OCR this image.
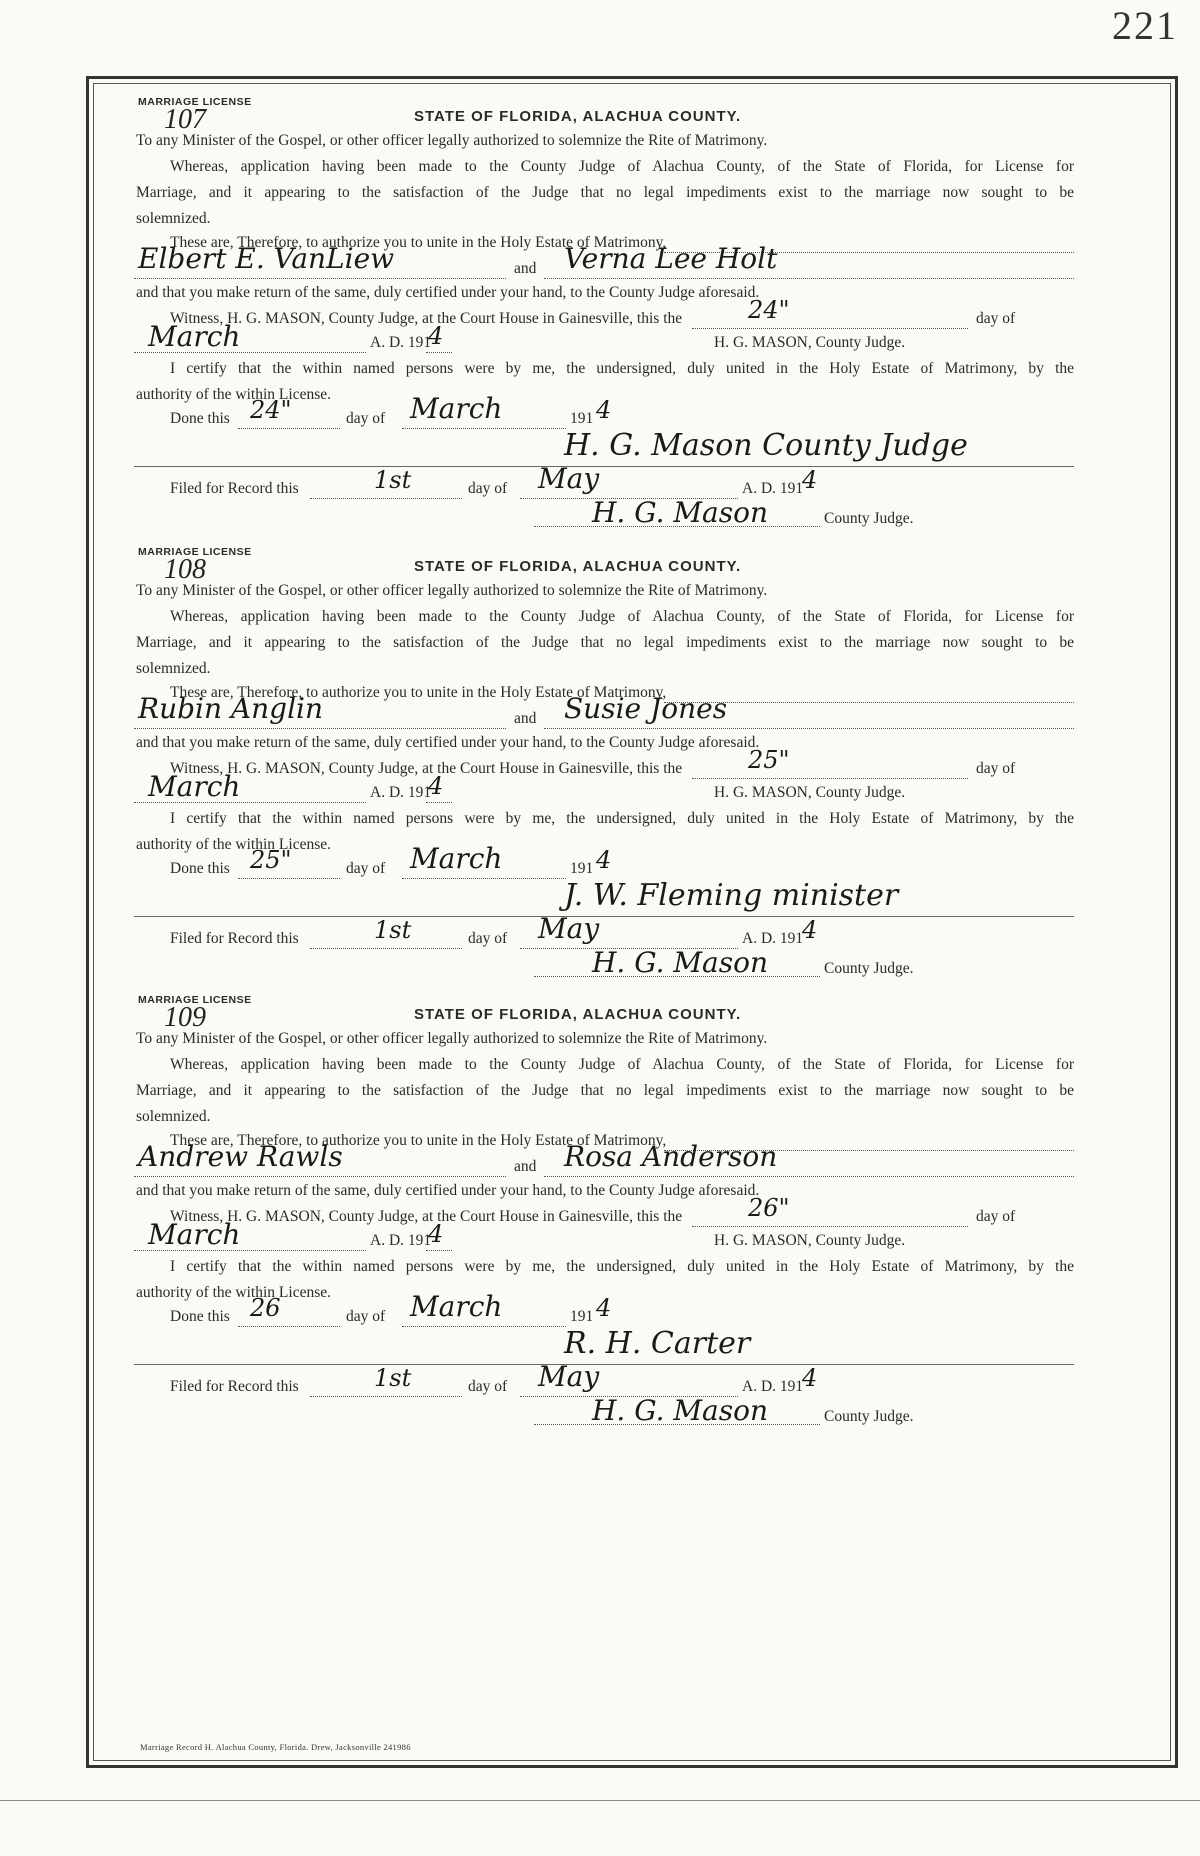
221
MARRIAGE LICENSE
107	STATE OF FLORIDA, ALACHUA COUNTY.
To any Minister of the Gospel, or other officer legally authorized to solemnize the Rite of Matrimony.
Whereas, application having been made to the County Judge of Alachua County, of the State of Florida, for License for
Marriage, and it appearing to the satisfaction of the Judge that no legal impediments exist to the marriage now sought to be
solemnized.
These are, Therefore, to authorize you to unite in the Holy Estate of Matrimony,
Elbert E. VanLiew	and Verna Lee Holt
and that you make return of the same, duly certified under your hand, to the County Judge aforesaid.
Witness, H. G. MASON, County Judge, at the Court House in Gainesville, this the	24"	day of
March	A. D. 191
4	H. G. MASON, County Judge.
I certify that the within named persons were by me, the undersigned, duly united in the Holy Estate of Matrimony, by the
authority of the within License.
Done this 24"	day of March	191 4
H. G. Mason County Judge
Filed for Record this	1st	day of May	A. D. 191
4
H. G. Mason	County Judge.
MARRIAGE LICENSE
108	STATE OF FLORIDA, ALACHUA COUNTY.
To any Minister of the Gospel, or other officer legally authorized to solemnize the Rite of Matrimony.
Whereas, application having been made to the County Judge of Alachua County, of the State of Florida, for License for
Marriage, and it appearing to the satisfaction of the Judge that no legal impediments exist to the marriage now sought to be
solemnized.
These are, Therefore, to authorize you to unite in the Holy Estate of Matrimony,
Rubin Anglin	and Susie Jones
and that you make return of the same, duly certified under your hand, to the County Judge aforesaid.
Witness, H. G. MASON, County Judge, at the Court House in Gainesville, this the	25"	day of
March	A. D. 191
4	H. G. MASON, County Judge.
I certify that the within named persons were by me, the undersigned, duly united in the Holy Estate of Matrimony, by the
authority of the within License.
Done this 25"	day of March	191 4
J. W. Fleming minister
Filed for Record this	1st	day of May	A. D. 191
4
H. G. Mason	County Judge.
MARRIAGE LICENSE
109	STATE OF FLORIDA, ALACHUA COUNTY.
To any Minister of the Gospel, or other officer legally authorized to solemnize the Rite of Matrimony.
Whereas, application having been made to the County Judge of Alachua County, of the State of Florida, for License for
Marriage, and it appearing to the satisfaction of the Judge that no legal impediments exist to the marriage now sought to be
solemnized.
These are, Therefore, to authorize you to unite in the Holy Estate of Matrimony,
Andrew Rawls	and Rosa Anderson
and that you make return of the same, duly certified under your hand, to the County Judge aforesaid.
Witness, H. G. MASON, County Judge, at the Court House in Gainesville, this the	26"	day of
March	A. D. 191
4	H. G. MASON, County Judge.
I certify that the within named persons were by me, the undersigned, duly united in the Holy Estate of Matrimony, by the
authority of the within License.
Done this 26	day of March	191 4
R. H. Carter
Filed for Record this	1st	day of May	A. D. 191
4
H. G. Mason	County Judge.
Marriage Record H. Alachua County, Florida. Drew, Jacksonville 241986
